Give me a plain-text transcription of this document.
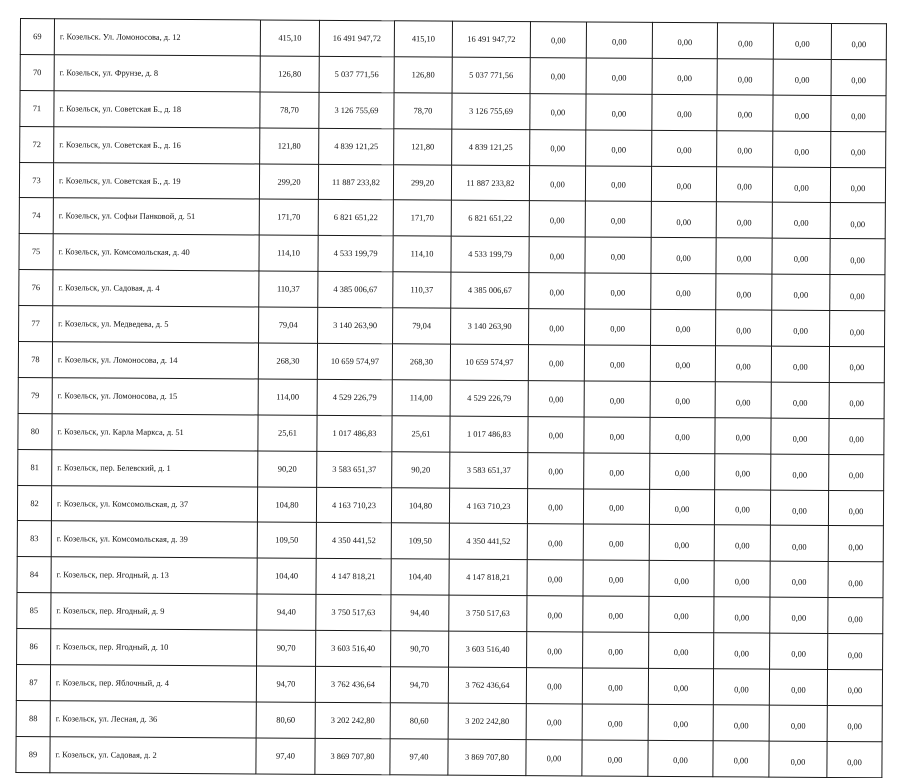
69	г. Козельск. Ул. Ломоносова, д. 12	415,10	16 491 947,72	415,10	16 491 947,72	0,00	0,00	0,00	0,00	0,00	0,00
70	г. Козельск, ул. Фрунзе, д. 8	126,80	5 037 771,56	126,80	5 037 771,56	0,00	0,00	0,00	0,00	0,00	0,00
71	г. Козельск, ул. Советская Б., д. 18	78,70	3 126 755,69	78,70	3 126 755,69	0,00	0,00	0,00	0,00	0,00	0,00
72	г. Козельск, ул. Советская Б., д. 16	121,80	4 839 121,25	121,80	4 839 121,25	0,00	0,00	0,00	0,00	0,00	0,00
73	г. Козельск, ул. Советская Б., д. 19	299,20	11 887 233,82	299,20	11 887 233,82	0,00	0,00	0,00	0,00	0,00	0,00
74	г. Козельск, ул. Софьи Панковой, д. 51	171,70	6 821 651,22	171,70	6 821 651,22	0,00	0,00	0,00	0,00	0,00	0,00
75	г. Козельск, ул. Комсомольская, д. 40	114,10	4 533 199,79	114,10	4 533 199,79	0,00	0,00	0,00	0,00	0,00	0,00
76	г. Козельск, ул. Садовая, д. 4	110,37	4 385 006,67	110,37	4 385 006,67	0,00	0,00	0,00	0,00	0,00	0,00
77	г. Козельск, ул. Медведева, д. 5	79,04	3 140 263,90	79,04	3 140 263,90	0,00	0,00	0,00	0,00	0,00	0,00
78	г. Козельск, ул. Ломоносова, д. 14	268,30	10 659 574,97	268,30	10 659 574,97	0,00	0,00	0,00	0,00	0,00	0,00
79	г. Козельск, ул. Ломоносова, д. 15	114,00	4 529 226,79	114,00	4 529 226,79	0,00	0,00	0,00	0,00	0,00	0,00
80	г. Козельск, ул. Карла Маркса, д. 51	25,61	1 017 486,83	25,61	1 017 486,83	0,00	0,00	0,00	0,00	0,00	0,00
81	г. Козельск, пер. Белевский, д. 1	90,20	3 583 651,37	90,20	3 583 651,37	0,00	0,00	0,00	0,00	0,00	0,00
82	г. Козельск, ул. Комсомольская, д. 37	104,80	4 163 710,23	104,80	4 163 710,23	0,00	0,00	0,00	0,00	0,00	0,00
83	г. Козельск, ул. Комсомольская, д. 39	109,50	4 350 441,52	109,50	4 350 441,52	0,00	0,00	0,00	0,00	0,00	0,00
84	г. Козельск, пер. Ягодный, д. 13	104,40	4 147 818,21	104,40	4 147 818,21	0,00	0,00	0,00	0,00	0,00	0,00
85	г. Козельск, пер. Ягодный, д. 9	94,40	3 750 517,63	94,40	3 750 517,63	0,00	0,00	0,00	0,00	0,00	0,00
86	г. Козельск, пер. Ягодный, д. 10	90,70	3 603 516,40	90,70	3 603 516,40	0,00	0,00	0,00	0,00	0,00	0,00
87	г. Козельск, пер. Яблочный, д. 4	94,70	3 762 436,64	94,70	3 762 436,64	0,00	0,00	0,00	0,00	0,00	0,00
88	г. Козельск, ул. Лесная, д. 36	80,60	3 202 242,80	80,60	3 202 242,80	0,00	0,00	0,00	0,00	0,00	0,00
89	г. Козельск, ул. Садовая, д. 2	97,40	3 869 707,80	97,40	3 869 707,80	0,00	0,00	0,00	0,00	0,00	0,00
